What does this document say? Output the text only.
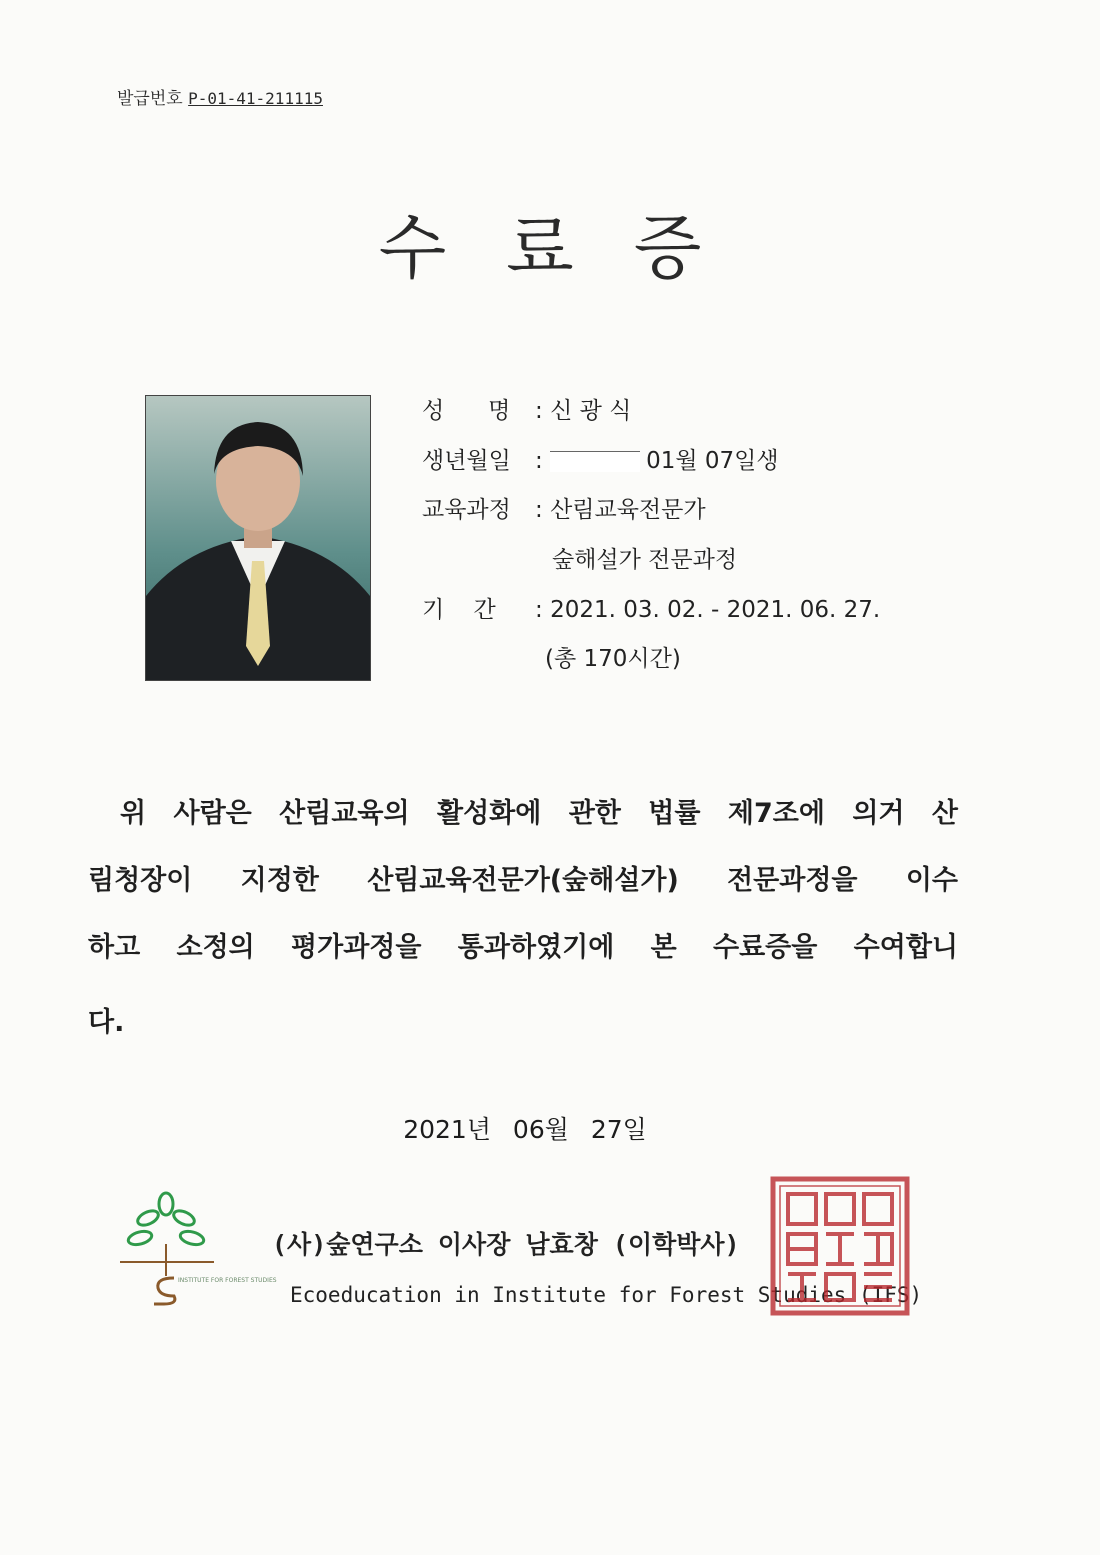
발급번호 P-01-41-211115
수료증
성      명 : 신 광 식
생년월일 :	01월 07일생
교육과정 : 산림교육전문가
숲해설가 전문과정
기    간 : 2021. 03. 02. - 2021. 06. 27.
(총 170시간)
위 사람은 산림교육의 활성화에 관한 법률 제7조에 의거 산
림청장이 지정한 산림교육전문가(숲해설가) 전문과정을 이수
하고 소정의 평가과정을 통과하였기에 본 수료증을 수여합니
다.
2021년 06월 27일
INSTITUTE FOR FOREST STUDIES
(사)숲연구소 이사장 남효창 (이학박사)
Ecoeducation in Institute for Forest Studies (IFS)
